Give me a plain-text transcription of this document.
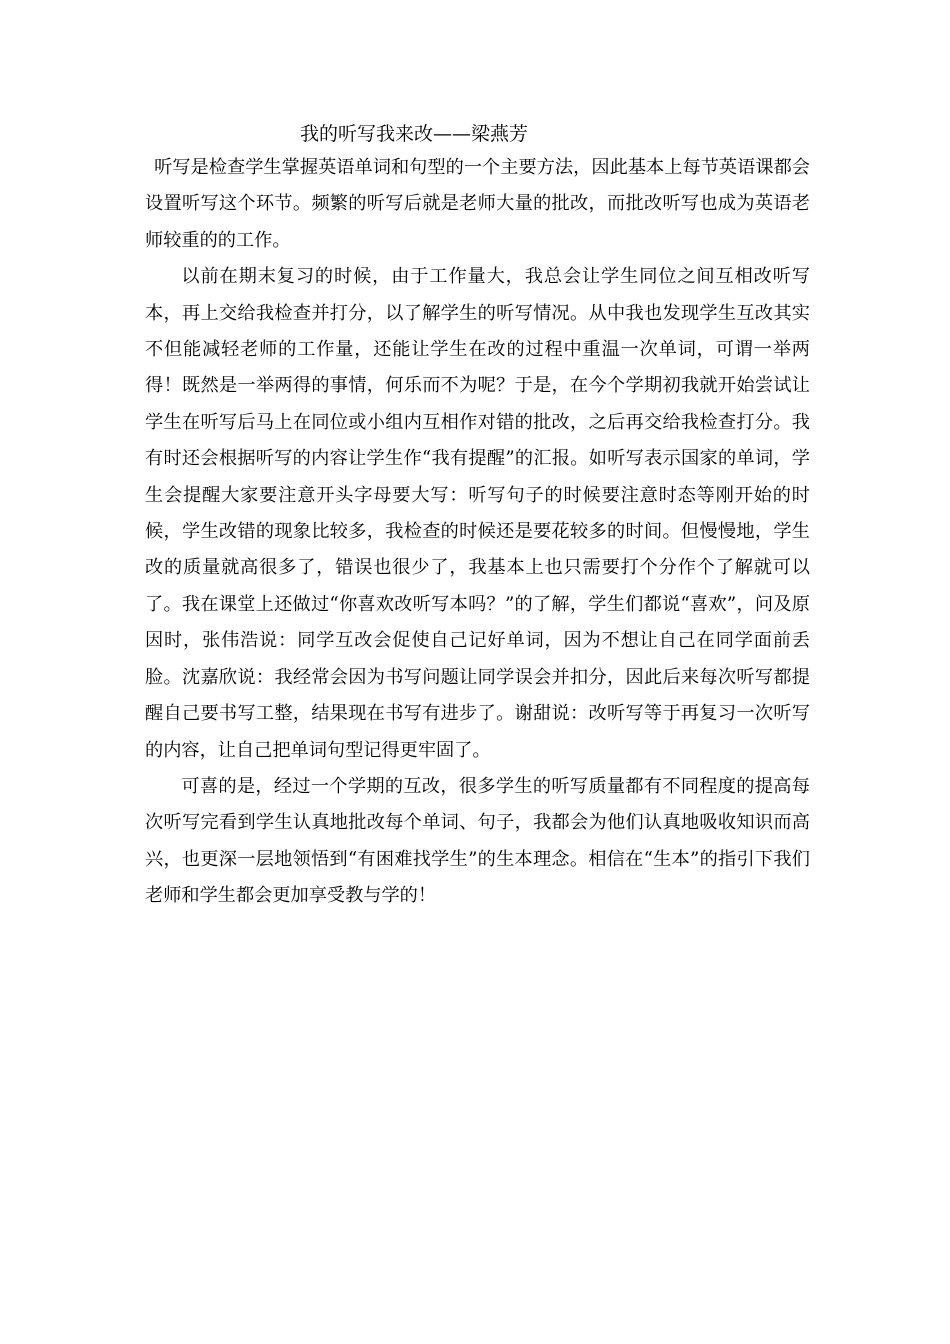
我的听写我来改——梁燕芳

听写是检查学生掌握英语单词和句型的一个主要方法，因此基本上每节英语课都会设置听写这个环节。频繁的听写后就是老师大量的批改，而批改听写也成为英语老师较重的的工作。

以前在期末复习的时候，由于工作量大，我总会让学生同位之间互相改听写本，再上交给我检查并打分，以了解学生的听写情况。从中我也发现学生互改其实不但能减轻老师的工作量，还能让学生在改的过程中重温一次单词，可谓一举两得！既然是一举两得的事情，何乐而不为呢？于是，在今个学期初我就开始尝试让学生在听写后马上在同位或小组内互相作对错的批改，之后再交给我检查打分。我有时还会根据听写的内容让学生作“我有提醒”的汇报。如听写表示国家的单词，学生会提醒大家要注意开头字母要大写：听写句子的时候要注意时态等刚开始的时候，学生改错的现象比较多，我检查的时候还是要花较多的时间。但慢慢地，学生改的质量就高很多了，错误也很少了，我基本上也只需要打个分作个了解就可以了。我在课堂上还做过“你喜欢改听写本吗？”的了解，学生们都说“喜欢”，问及原因时，张伟浩说：同学互改会促使自己记好单词，因为不想让自己在同学面前丢脸。沈嘉欣说：我经常会因为书写问题让同学误会并扣分，因此后来每次听写都提醒自己要书写工整，结果现在书写有进步了。谢甜说：改听写等于再复习一次听写的内容，让自己把单词句型记得更牢固了。

可喜的是，经过一个学期的互改，很多学生的听写质量都有不同程度的提高每次听写完看到学生认真地批改每个单词、句子，我都会为他们认真地吸收知识而高兴，也更深一层地领悟到“有困难找学生”的生本理念。相信在“生本”的指引下我们老师和学生都会更加享受教与学的！
